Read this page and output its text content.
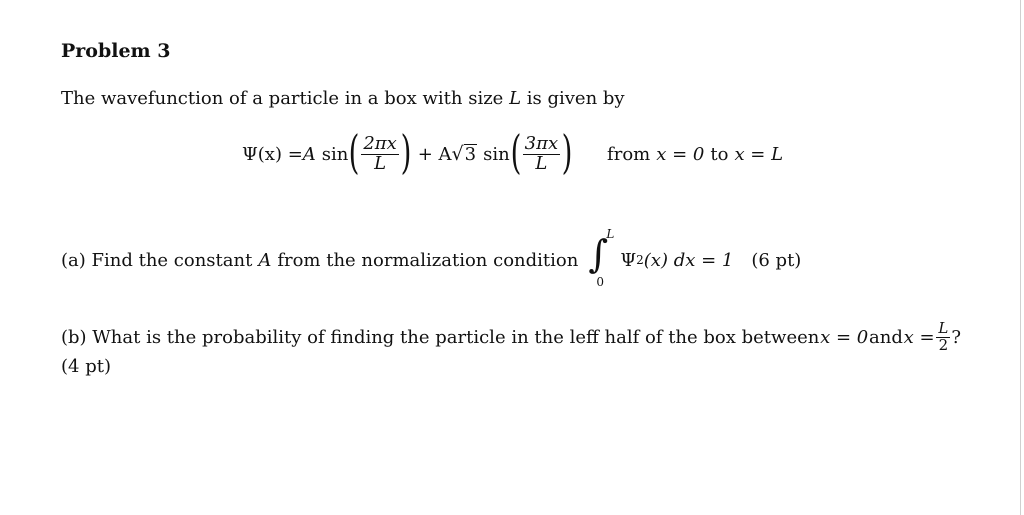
Problem 3
The wavefunction of a particle in a box with size L is given by
Ψ(x) = A sin ( $\frac{2\pi x}{L}$ ) + A √ 3 sin ( $\frac{3\pi x}{L}$ ) from x = 0 to x = L
(a) Find the constant A from the normalization condition ∫
L
0
Ψ 2 (x) dx = 1 (6 pt)
(b) What is the probability of finding the particle in the leff half of the box between x = 0 and $x = \frac{L}{2}$ ?
(4 pt)
